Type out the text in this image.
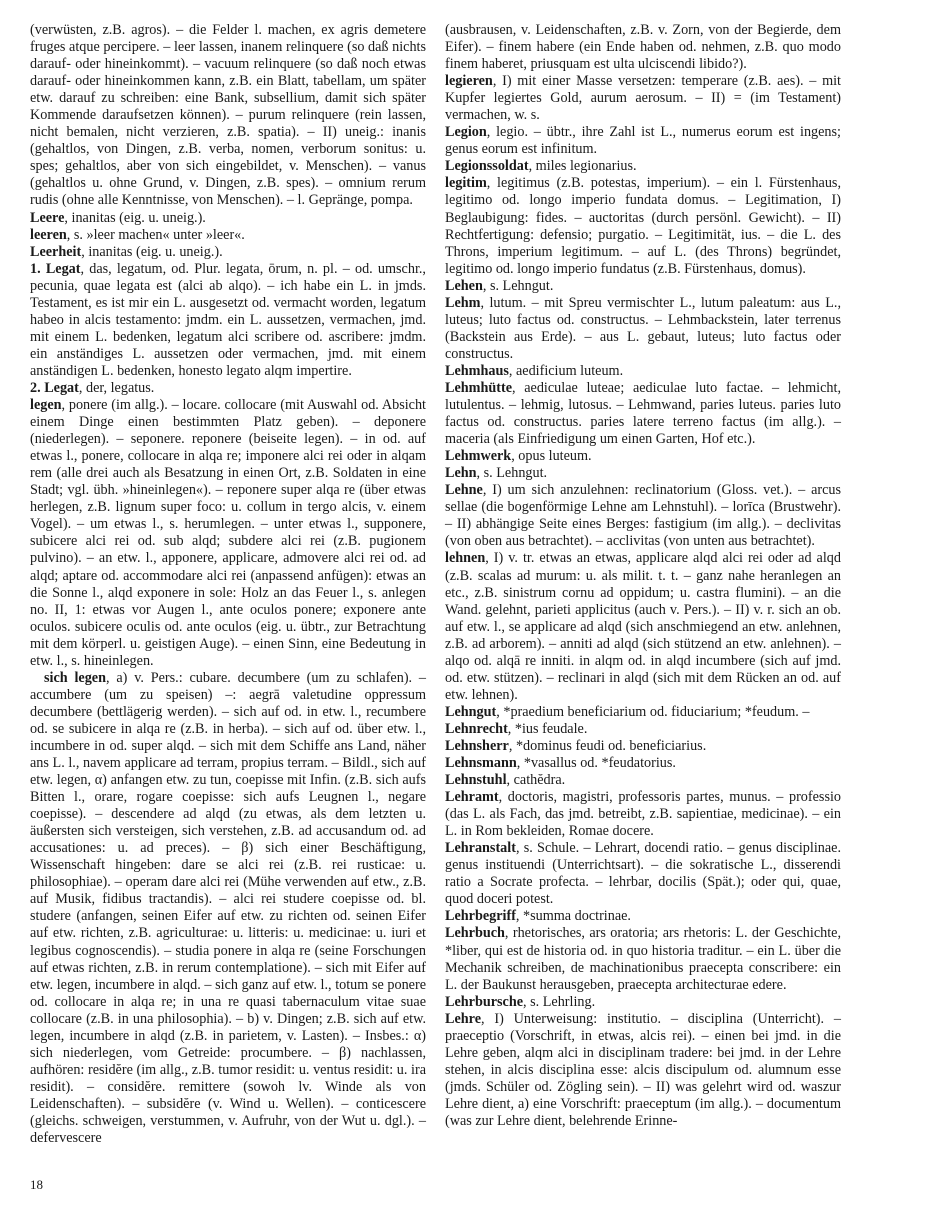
(verwüsten, z.B. agros). – die Felder l. machen, ex agris demetere fruges atque percipere. – leer lassen, inanem relinquere (so daß nichts darauf- oder hineinkommt). – vacuum relinquere (so daß noch etwas darauf- oder hineinkommen kann, z.B. ein Blatt, tabellam, um später etw. darauf zu schreiben: eine Bank, subsellium, damit sich später Kommende daraufsetzen können). – purum relinquere (rein lassen, nicht bemalen, nicht verzieren, z.B. spatia). – II) uneig.: inanis (gehaltlos, von Dingen, z.B. verba, nomen, verborum sonitus: u. spes; gehaltlos, aber von sich eingebildet, v. Menschen). – vanus (gehaltlos u. ohne Grund, v. Dingen, z.B. spes). – omnium rerum rudis (ohne alle Kenntnisse, von Menschen). – l. Gepränge, pompa.

Leere, inanitas (eig. u. uneig.).

leeren, s. »leer machen« unter »leer«.

Leerheit, inanitas (eig. u. uneig.).

1. Legat, das, legatum, od. Plur. legata, ōrum, n. pl. – od. umschr., pecunia, quae legata est (alci ab alqo). – ich habe ein L. in jmds. Testament, es ist mir ein L. ausgesetzt od. vermacht worden, legatum habeo in alcis testamento: jmdm. ein L. aussetzen, vermachen, jmd. mit einem L. bedenken, legatum alci scribere od. ascribere: jmdm. ein anständiges L. aussetzen oder vermachen, jmd. mit einem anständigen L. bedenken, honesto legato alqm impertire.

2. Legat, der, legatus.

legen, ponere (im allg.). – locare. collocare (mit Auswahl od. Absicht einem Dinge einen bestimmten Platz geben). – deponere (niederlegen). – seponere. reponere (beiseite legen). – in od. auf etwas l., ponere, collocare in alqa re; imponere alci rei oder in alqam rem (alle drei auch als Besatzung in einen Ort, z.B. Soldaten in eine Stadt; vgl. übh. »hineinlegen«). – reponere super alqa re (über etwas herlegen, z.B. lignum super foco: u. collum in tergo alcis, v. einem Vogel). – um etwas l., s. herumlegen. – unter etwas l., supponere, subicere alci rei od. sub alqd; subdere alci rei (z.B. pugionem pulvino). – an etw. l., apponere, applicare, admovere alci rei od. ad alqd; aptare od. accommodare alci rei (anpassend anfügen): etwas an die Sonne l., alqd exponere in sole: Holz an das Feuer l., s. anlegen no. II, 1: etwas vor Augen l., ante oculos ponere; exponere ante oculos. subicere oculis od. ante oculos (eig. u. übtr., zur Betrachtung mit dem körperl. u. geistigen Auge). – einen Sinn, eine Bedeutung in etw. l., s. hineinlegen.

sich legen, a) v. Pers.: cubare. decumbere (um zu schlafen). – accumbere (um zu speisen) –: aegrā valetudine oppressum decumbere (bettlägerig werden). – sich auf od. in etw. l., recumbere od. se subicere in alqa re (z.B. in herba). – sich auf od. über etw. l., incumbere in od. super alqd. – sich mit dem Schiffe ans Land, näher ans L. l., navem applicare ad terram, propius terram. – Bildl., sich auf etw. legen, α) anfangen etw. zu tun, coepisse mit Infin. (z.B. sich aufs Bitten l., orare, rogare coepisse: sich aufs Leugnen l., negare coepisse). – descendere ad alqd (zu etwas, als dem letzten u. äußersten sich versteigen, sich verstehen, z.B. ad accusandum od. ad accusationes: u. ad preces). – β) sich einer Beschäftigung, Wissenschaft hingeben: dare se alci rei (z.B. rei rusticae: u. philosophiae). – operam dare alci rei (Mühe verwenden auf etw., z.B. auf Musik, fidibus tractandis). – alci rei studere coepisse od. bl. studere (anfangen, seinen Eifer auf etw. zu richten od. seinen Eifer auf etw. richten, z.B. agriculturae: u. litteris: u. medicinae: u. iuri et legibus cognoscendis). – studia ponere in alqa re (seine Forschungen auf etwas richten, z.B. in rerum contemplatione). – sich mit Eifer auf etw. legen, incumbere in alqd. – sich ganz auf etw. l., totum se ponere od. collocare in alqa re; in una re quasi tabernaculum vitae suae collocare (z.B. in una philosophia). – b) v. Dingen; z.B. sich auf etw. legen, incumbere in alqd (z.B. in parietem, v. Lasten). – Insbes.: α) sich niederlegen, vom Getreide: procumbere. – β) nachlassen, aufhören: residĕre (im allg., z.B. tumor residit: u. ventus residit: u. ira residit). – considĕre. remittere (sowoh lv. Winde als von Leidenschaften). – subsidĕre (v. Wind u. Wellen). – conticescere (gleichs. schweigen, verstummen, v. Aufruhr, von der Wut u. dgl.). – defervescere

(ausbrausen, v. Leidenschaften, z.B. v. Zorn, von der Begierde, dem Eifer). – finem habere (ein Ende haben od. nehmen, z.B. quo modo finem haberet, priusquam est ulta ulciscendi libido?).

legieren, I) mit einer Masse versetzen: temperare (z.B. aes). – mit Kupfer legiertes Gold, aurum aerosum. – II) = (im Testament) vermachen, w. s.

Legion, legio. – übtr., ihre Zahl ist L., numerus eorum est ingens; genus eorum est infinitum.

Legionssoldat, miles legionarius.

legitim, legitimus (z.B. potestas, imperium). – ein l. Fürstenhaus, legitimo od. longo imperio fundata domus. – Legitimation, I) Beglaubigung: fides. – auctoritas (durch persönl. Gewicht). – II) Rechtfertigung: defensio; purgatio. – Legitimität, ius. – die L. des Throns, imperium legitimum. – auf L. (des Throns) begründet, legitimo od. longo imperio fundatus (z.B. Fürstenhaus, domus).

Lehen, s. Lehngut.

Lehm, lutum. – mit Spreu vermischter L., lutum paleatum: aus L., luteus; luto factus od. constructus. – Lehmbackstein, later terrenus (Backstein aus Erde). – aus L. gebaut, luteus; luto factus oder constructus.

Lehmhaus, aedificium luteum.

Lehmhütte, aediculae luteae; aediculae luto factae. – lehmicht, lutulentus. – lehmig, lutosus. – Lehmwand, paries luteus. paries luto factus od. constructus. paries latere terreno factus (im allg.). – maceria (als Einfriedigung um einen Garten, Hof etc.).

Lehmwerk, opus luteum.

Lehn, s. Lehngut.

Lehne, I) um sich anzulehnen: reclinatorium (Gloss. vet.). – arcus sellae (die bogenförmige Lehne am Lehnstuhl). – lorīca (Brustwehr). – II) abhängige Seite eines Berges: fastigium (im allg.). – declivitas (von oben aus betrachtet). – acclivitas (von unten aus betrachtet).

lehnen, I) v. tr. etwas an etwas, applicare alqd alci rei oder ad alqd (z.B. scalas ad murum: u. als milit. t. t. – ganz nahe heranlegen an etc., z.B. sinistrum cornu ad oppidum; u. castra flumini). – an die Wand. gelehnt, parieti applicitus (auch v. Pers.). – II) v. r. sich an ob. auf etw. l., se applicare ad alqd (sich anschmiegend an etw. anlehnen, z.B. ad arborem). – anniti ad alqd (sich stützend an etw. anlehnen). – alqo od. alqā re inniti. in alqm od. in alqd incumbere (sich auf jmd. od. etw. stützen). – reclinari in alqd (sich mit dem Rücken an od. auf etw. lehnen).

Lehngut, *praedium beneficiarium od. fiduciarium; *feudum. –

Lehnrecht, *ius feudale.

Lehnsherr, *dominus feudi od. beneficiarius.

Lehnsmann, *vasallus od. *feudatorius.

Lehnstuhl, cathĕdra.

Lehramt, doctoris, magistri, professoris partes, munus. – professio (das L. als Fach, das jmd. betreibt, z.B. sapientiae, medicinae). – ein L. in Rom bekleiden, Romae docere.

Lehranstalt, s. Schule. – Lehrart, docendi ratio. – genus disciplinae. genus instituendi (Unterrichtsart). – die sokratische L., disserendi ratio a Socrate profecta. – lehrbar, docilis (Spät.); oder qui, quae, quod doceri potest.

Lehrbegriff, *summa doctrinae.

Lehrbuch, rhetorisches, ars oratoria; ars rhetoris: L. der Geschichte, *liber, qui est de historia od. in quo historia traditur. – ein L. über die Mechanik schreiben, de machinationibus praecepta conscribere: ein L. der Baukunst herausgeben, praecepta architecturae edere.

Lehrbursche, s. Lehrling.

Lehre, I) Unterweisung: institutio. – disciplina (Unterricht). – praeceptio (Vorschrift, in etwas, alcis rei). – einen bei jmd. in die Lehre geben, alqm alci in disciplinam tradere: bei jmd. in der Lehre stehen, in alcis disciplina esse: alcis discipulum od. alumnum esse (jmds. Schüler od. Zögling sein). – II) was gelehrt wird od. waszur Lehre dient, a) eine Vorschrift: praeceptum (im allg.). – documentum (was zur Lehre dient, belehrende Erinne-

18
